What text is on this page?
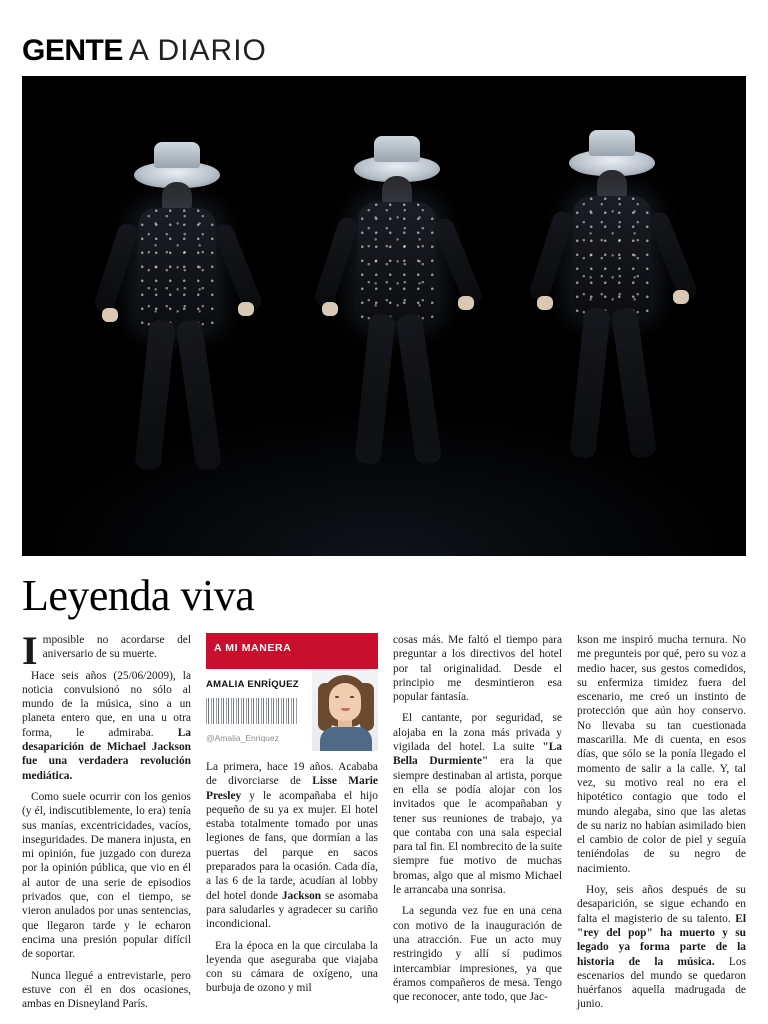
GENTE A DIARIO
Leyenda viva

Imposible no acordarse del aniversario de su muerte.

Hace seis años (25/06/2009), la noticia convulsionó no sólo al mundo de la música, sino a un planeta entero que, en una u otra forma, le admiraba. La desaparición de Michael Jackson fue una verdadera revolución mediática.

Como suele ocurrir con los genios (y él, indiscutiblemente, lo era) tenía sus manías, excentricidades, vacíos, inseguridades. De manera injusta, en mi opinión, fue juzgado con dureza por la opinión pública, que vio en él al autor de una serie de episodios privados que, con el tiempo, se vieron anulados por unas sentencias, que llegaron tarde y le echaron encima una presión popular difícil de soportar.

Nunca llegué a entrevistarle, pero estuve con él en dos ocasiones, ambas en Disneyland París.

A MI MANERA
AMALIA ENRÍQUEZ
@Amalia_Enriquez

La primera, hace 19 años. Acababa de divorciarse de Lisse Marie Presley y le acompañaba el hijo pequeño de su ya ex mujer. El hotel estaba totalmente tomado por unas legiones de fans, que dormían a las puertas del parque en sacos preparados para la ocasión. Cada día, a las 6 de la tarde, acudían al lobby del hotel donde Jackson se asomaba para saludarles y agradecer su cariño incondicional.

Era la época en la que circulaba la leyenda que aseguraba que viajaba con su cámara de oxígeno, una burbuja de ozono y mil

cosas más. Me faltó el tiempo para preguntar a los directivos del hotel por tal originalidad. Desde el principio me desmintieron esa popular fantasía.

El cantante, por seguridad, se alojaba en la zona más privada y vigilada del hotel. La suite "La Bella Durmiente" era la que siempre destinaban al artista, porque en ella se podía alojar con los invitados que le acompañaban y tener sus reuniones de trabajo, ya que contaba con una sala especial para tal fin. El nombrecito de la suite siempre fue motivo de muchas bromas, algo que al mismo Michael le arrancaba una sonrisa.

La segunda vez fue en una cena con motivo de la inauguración de una atracción. Fue un acto muy restringido y allí sí pudimos intercambiar impresiones, ya que éramos compañeros de mesa. Tengo que reconocer, ante todo, que Jac-

kson me inspiró mucha ternura. No me pregunteis por qué, pero su voz a medio hacer, sus gestos comedidos, su enfermiza timidez fuera del escenario, me creó un instinto de protección que aún hoy conservo. No llevaba su tan cuestionada mascarilla. Me di cuenta, en esos días, que sólo se la ponía llegado el momento de salir a la calle. Y, tal vez, su motivo real no era el hipotético contagio que todo el mundo alegaba, sino que las aletas de su nariz no habían asimilado bien el cambio de color de piel y seguía teniéndolas de su negro de nacimiento.

Hoy, seis años después de su desaparición, se sigue echando en falta el magisterio de su talento. El "rey del pop" ha muerto y su legado ya forma parte de la historia de la música. Los escenarios del mundo se quedaron huérfanos aquella madrugada de junio.
